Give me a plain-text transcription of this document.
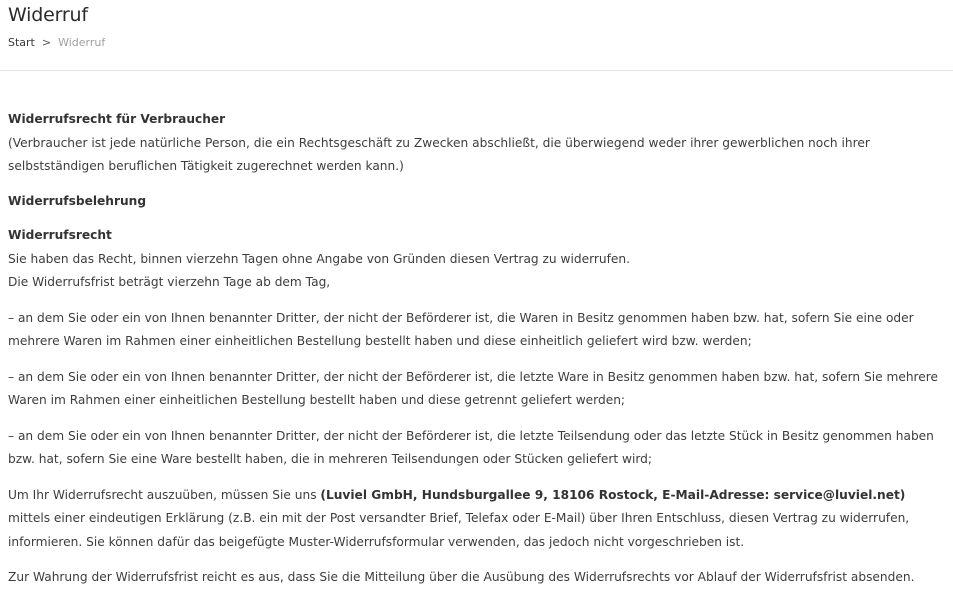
Widerruf
Start > Widerruf

Widerrufsrecht für Verbraucher
(Verbraucher ist jede natürliche Person, die ein Rechtsgeschäft zu Zwecken abschließt, die überwiegend weder ihrer gewerblichen noch ihrer selbstständigen beruflichen Tätigkeit zugerechnet werden kann.)

Widerrufsbelehrung

Widerrufsrecht
Sie haben das Recht, binnen vierzehn Tagen ohne Angabe von Gründen diesen Vertrag zu widerrufen.
Die Widerrufsfrist beträgt vierzehn Tage ab dem Tag,

– an dem Sie oder ein von Ihnen benannter Dritter, der nicht der Beförderer ist, die Waren in Besitz genommen haben bzw. hat, sofern Sie eine oder mehrere Waren im Rahmen einer einheitlichen Bestellung bestellt haben und diese einheitlich geliefert wird bzw. werden;

– an dem Sie oder ein von Ihnen benannter Dritter, der nicht der Beförderer ist, die letzte Ware in Besitz genommen haben bzw. hat, sofern Sie mehrere Waren im Rahmen einer einheitlichen Bestellung bestellt haben und diese getrennt geliefert werden;

– an dem Sie oder ein von Ihnen benannter Dritter, der nicht der Beförderer ist, die letzte Teilsendung oder das letzte Stück in Besitz genommen haben bzw. hat, sofern Sie eine Ware bestellt haben, die in mehreren Teilsendungen oder Stücken geliefert wird;

Um Ihr Widerrufsrecht auszuüben, müssen Sie uns (Luviel GmbH, Hundsburgallee 9, 18106 Rostock, E-Mail-Adresse: service@luviel.net) mittels einer eindeutigen Erklärung (z.B. ein mit der Post versandter Brief, Telefax oder E-Mail) über Ihren Entschluss, diesen Vertrag zu widerrufen, informieren. Sie können dafür das beigefügte Muster-Widerrufsformular verwenden, das jedoch nicht vorgeschrieben ist.

Zur Wahrung der Widerrufsfrist reicht es aus, dass Sie die Mitteilung über die Ausübung des Widerrufsrechts vor Ablauf der Widerrufsfrist absenden.
